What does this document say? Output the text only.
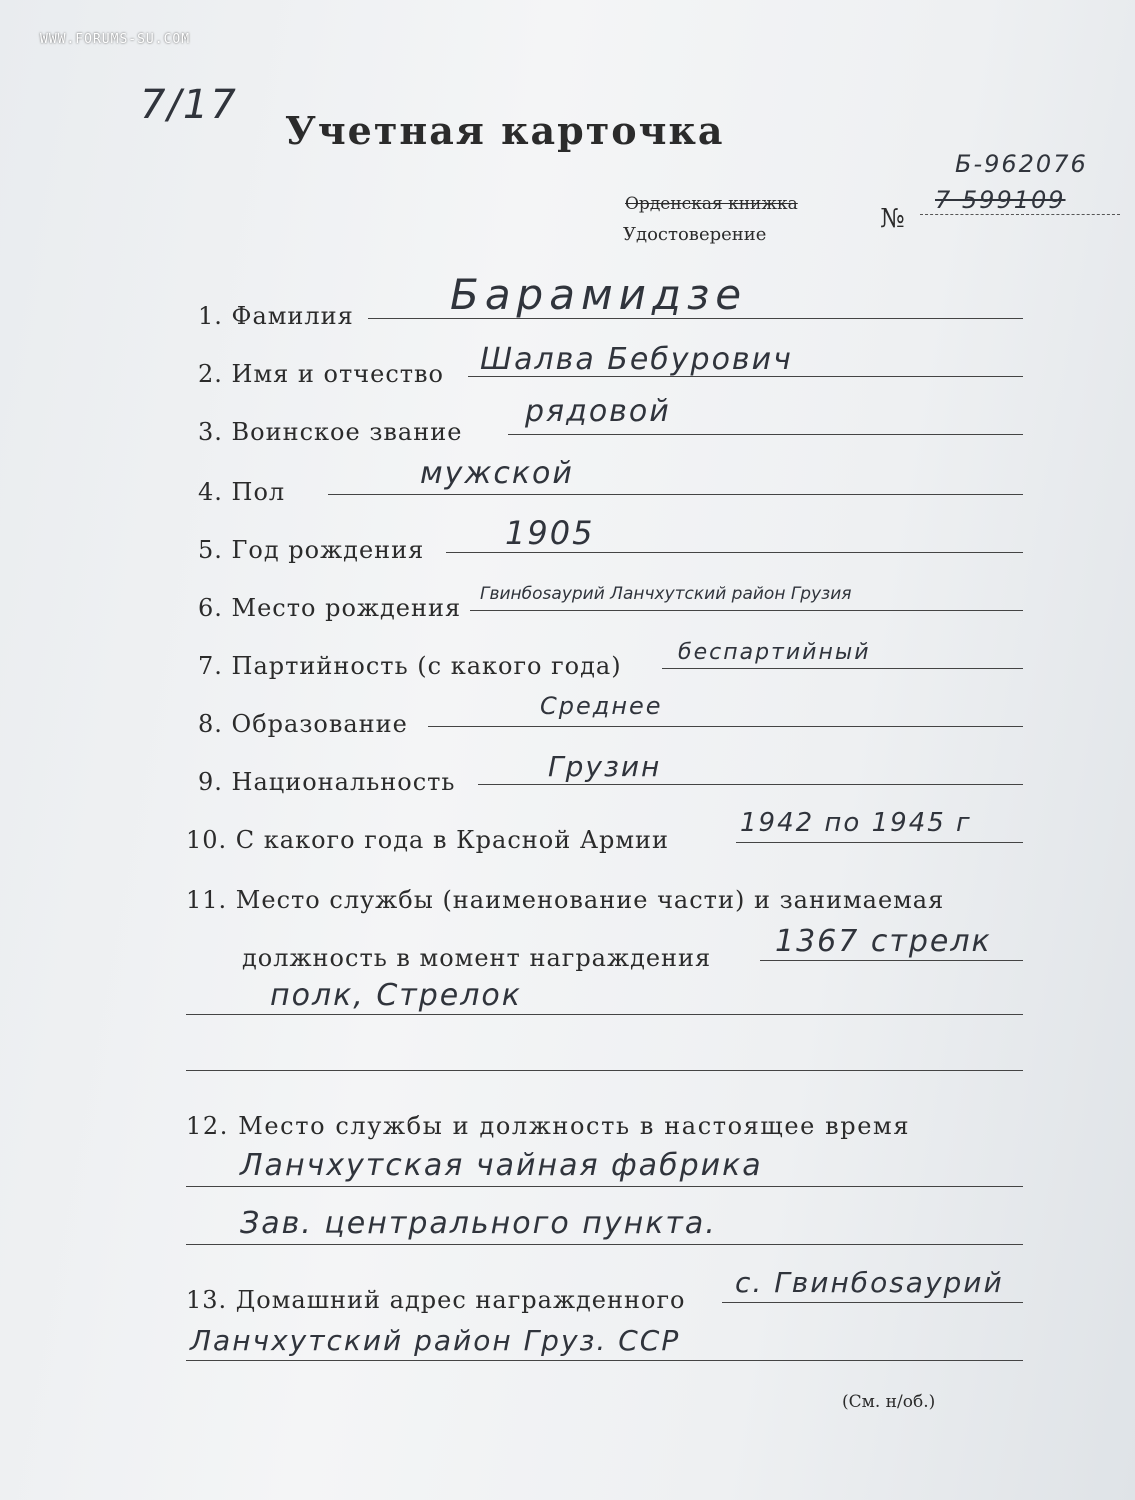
WWW.FORUMS-SU.COM
7/17
Учетная карточка
Орденская книжка
Удостоверение
№
Б-962076
7 599109
1. Фамилия Барамидзе
2. Имя и отчество Шалва Бебурович
3. Воинское звание
рядовой
4. Пол
мужской
5. Год рождения	1905
6. Место рождения Гвинбоѕаурий Ланчхутский район Грузия
7. Партийность (с какого года)	беспартийный
8. Образование
Среднее
9. Национальность	Грузин
10. С какого года в Красной Армии
1942 по 1945 г
11. Место службы (наименование части) и занимаемая
должность в момент награждения 1367 стрелк
полк, Стрелок
12. Место службы и должность в настоящее время
Ланчхутская чайная фабрика
Зав. центрального пункта.
13. Домашний адрес награжденного
с. Гвинбоѕаурий
Ланчхутский район Груз. ССР
(См. н/об.)
